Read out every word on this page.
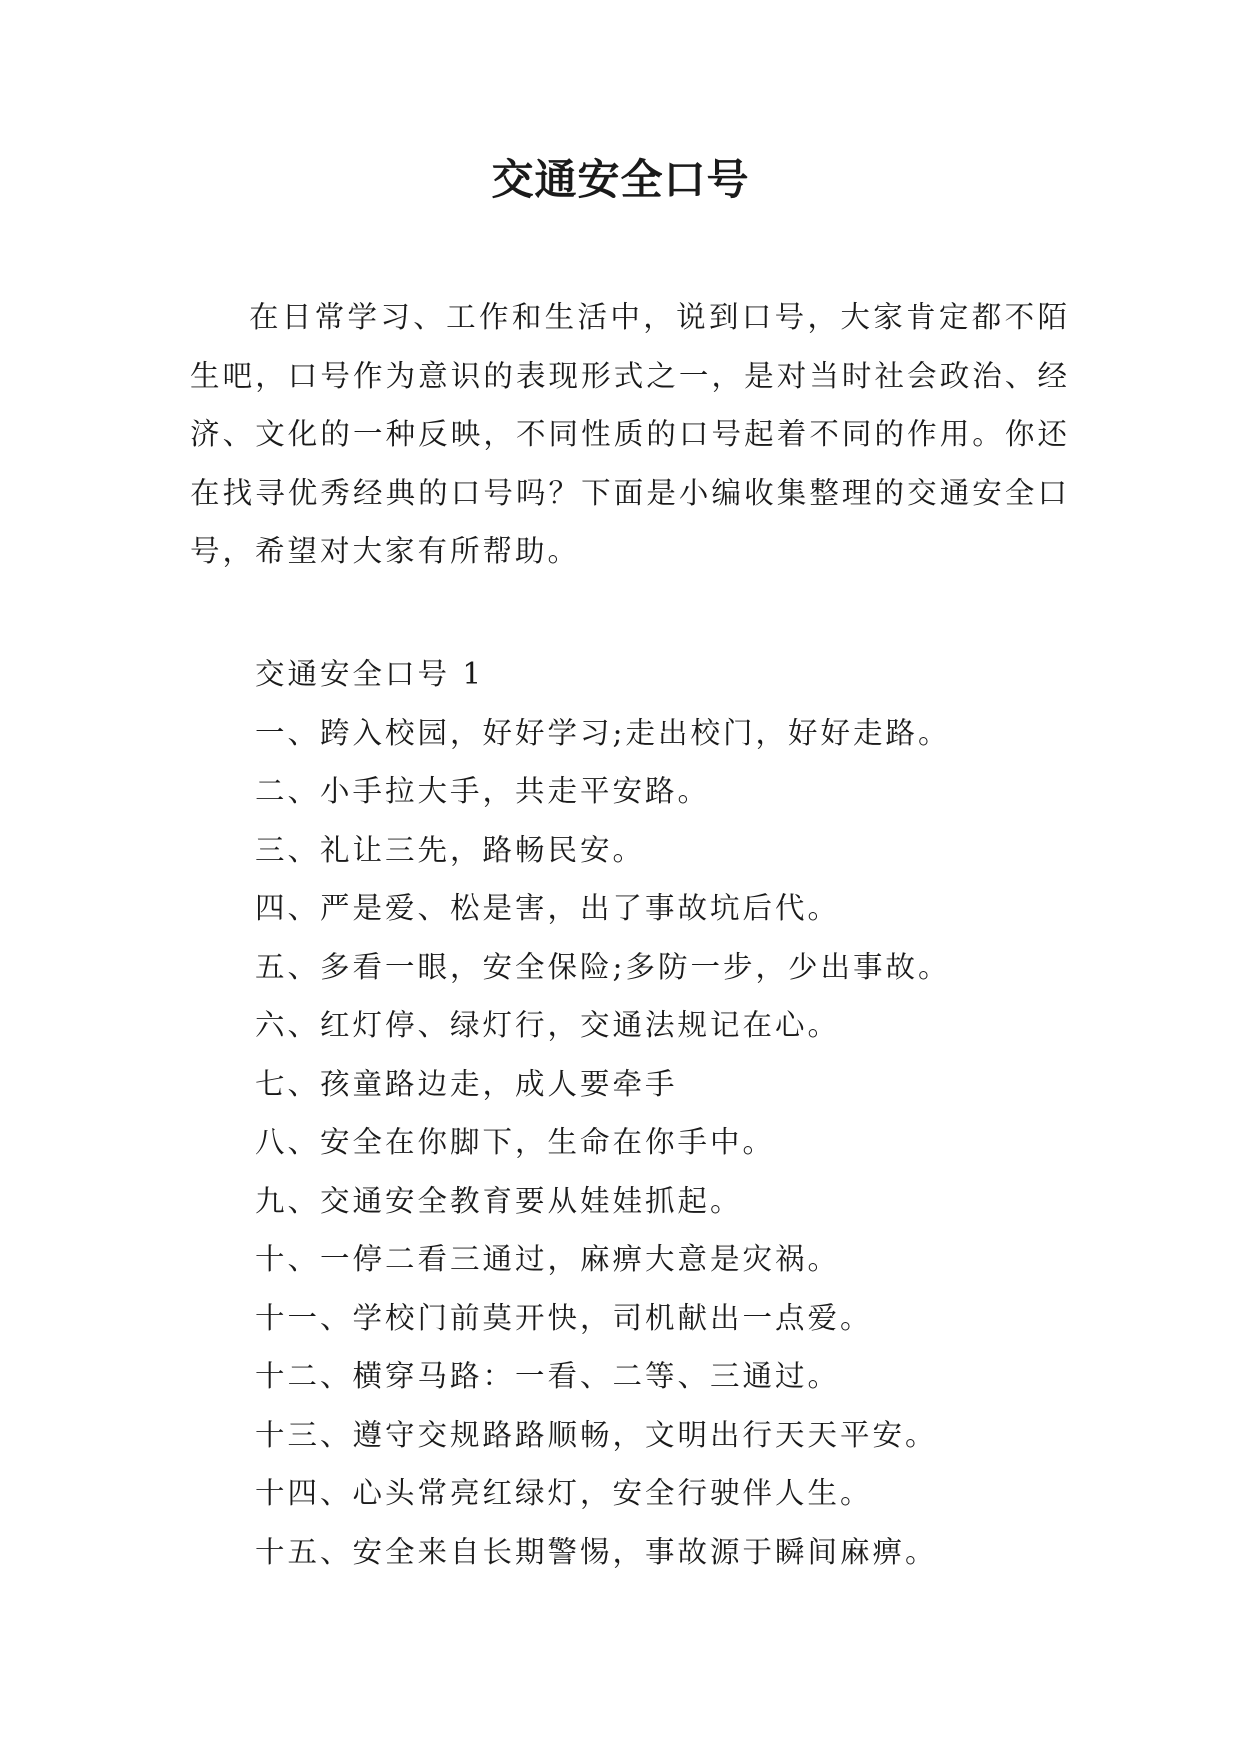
交通安全口号

在日常学习、工作和生活中，说到口号，大家肯定都不陌生吧，口号作为意识的表现形式之一，是对当时社会政治、经济、文化的一种反映，不同性质的口号起着不同的作用。你还在找寻优秀经典的口号吗？下面是小编收集整理的交通安全口号，希望对大家有所帮助。

交通安全口号 1

一、跨入校园，好好学习;走出校门，好好走路。

二、小手拉大手，共走平安路。

三、礼让三先，路畅民安。

四、严是爱、松是害，出了事故坑后代。

五、多看一眼，安全保险;多防一步，少出事故。

六、红灯停、绿灯行，交通法规记在心。

七、孩童路边走，成人要牵手

八、安全在你脚下，生命在你手中。

九、交通安全教育要从娃娃抓起。

十、一停二看三通过，麻痹大意是灾祸。

十一、学校门前莫开快，司机献出一点爱。

十二、横穿马路：一看、二等、三通过。

十三、遵守交规路路顺畅，文明出行天天平安。

十四、心头常亮红绿灯，安全行驶伴人生。

十五、安全来自长期警惕，事故源于瞬间麻痹。
